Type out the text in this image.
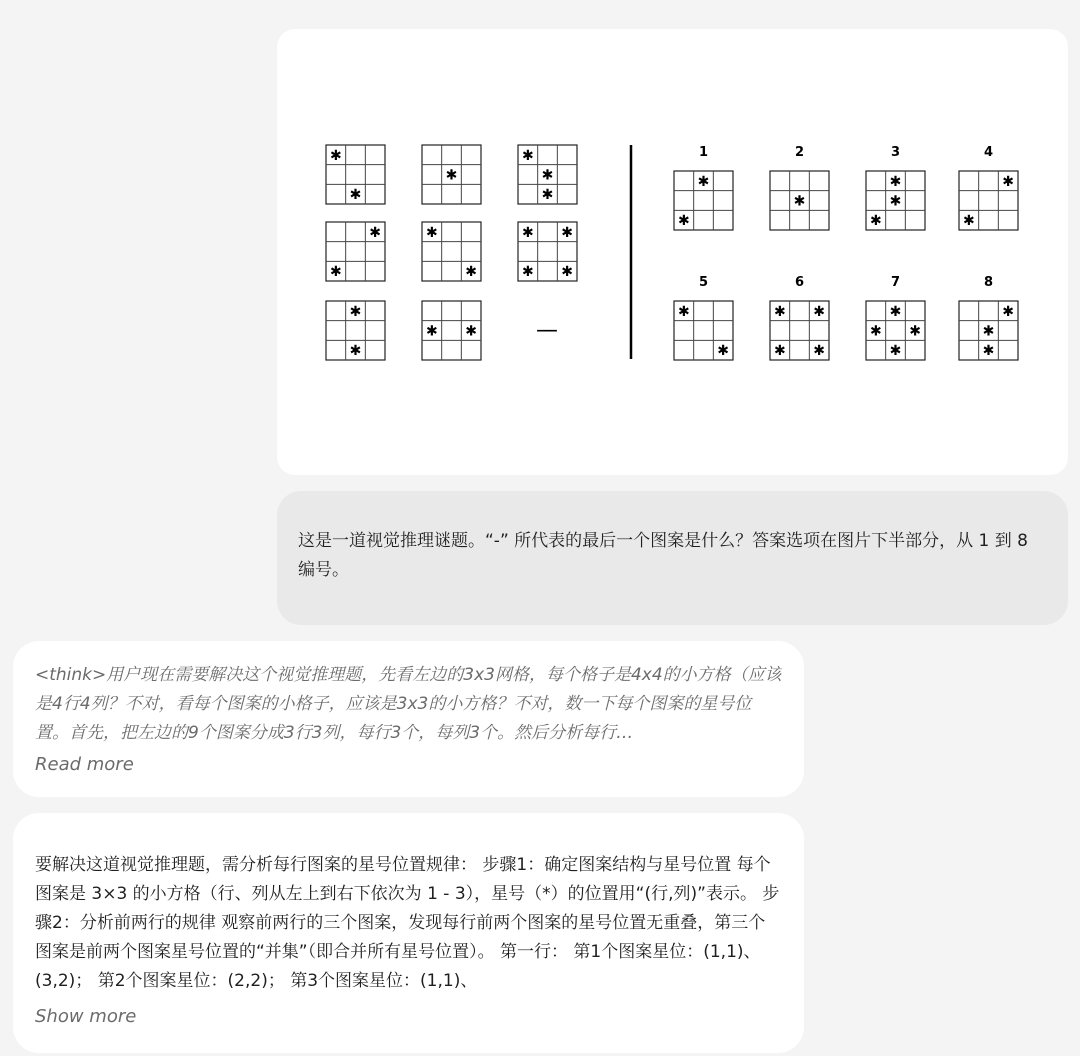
—
✱
✱
✱
✱
✱
✱
✱
✱
✱
✱
✱ ✱
✱ ✱
✱
✱
✱ ✱
✱
✱
1
✱
2
✱
✱
✱
3
✱
✱
4
✱
✱
5
✱ ✱
✱ ✱
6
✱
✱ ✱
✱
7
✱
✱
✱
8
这是一道视觉推理谜题。“-” 所代表的最后一个图案是什么？答案选项在图片下半部分，从 1 到 8 编号。
<think>用户现在需要解决这个视觉推理题，先看左边的3x3网格，每个格子是4x4的小方格（应该是4行4列？不对，看每个图案的小格子，应该是3x3的小方格？不对，数一下每个图案的星号位置。首先，把左边的9个图案分成3行3列，每行3个，每列3个。然后分析每行…
Read more
要解决这道视觉推理题，需分析每行图案的星号位置规律： 步骤1：确定图案结构与星号位置 每个图案是 3×3 的小方格（行、列从左上到右下依次为 1 - 3），星号（*）的位置用“(行,列)”表示。 步骤2：分析前两行的规律 观察前两行的三个图案，发现每行前两个图案的星号位置无重叠，第三个图案是前两个图案星号位置的“并集”（即合并所有星号位置）。 第一行： 第1个图案星位：(1,1)、(3,2)； 第2个图案星位：(2,2)； 第3个图案星位：(1,1)、
Show more
